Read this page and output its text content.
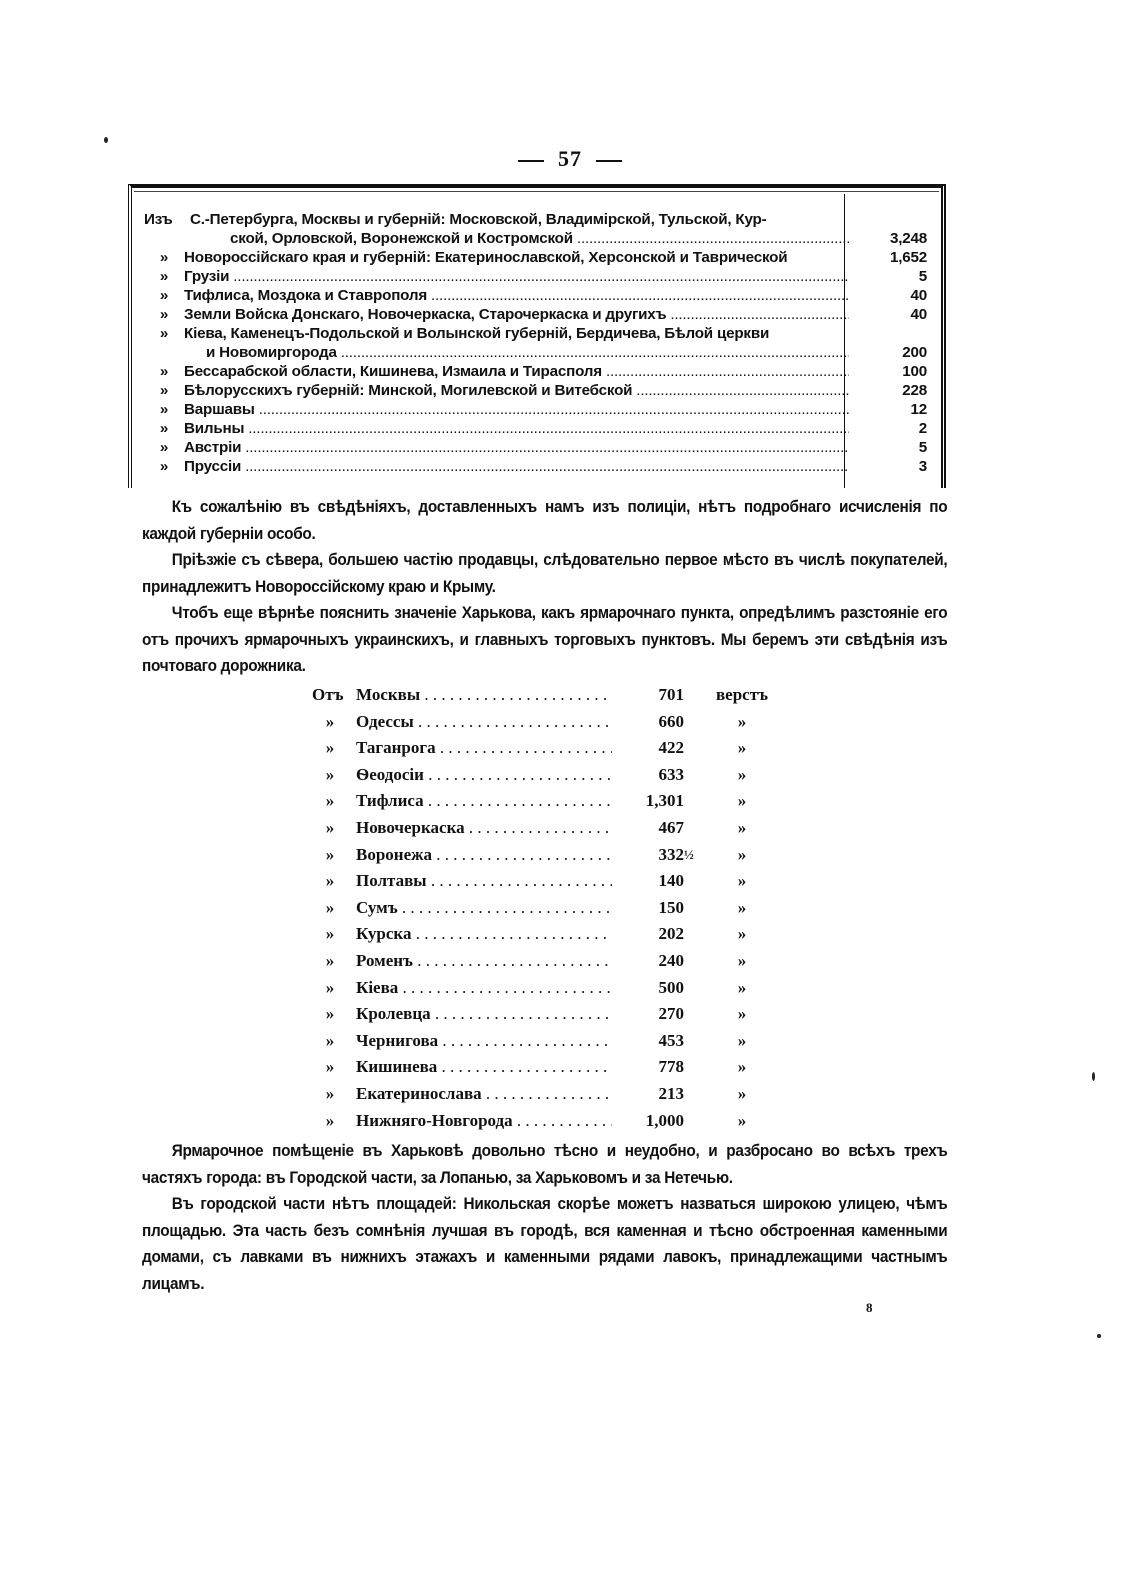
57
Изъ	С.-Петербурга, Москвы и губерній: Московской, Владимірской, Тульской, Кур-
ской, Орловской, Воронежской и Костромской .....	3,248
»	Новороссійскаго края и губерній: Екатеринославской, Херсонской и Таврической	1,652
»	Грузіи .....	5
»	Тифлиса, Моздока и Ставрополя .....	40
»	Земли Войска Донскаго, Новочеркаска, Старочеркаска и другихъ .....	40
»	Кіева, Каменецъ-Подольской и Волынской губерній, Бердичева, Бѣлой церкви
и Новомиргорода .....	200
»	Бессарабской области, Кишинева, Измаила и Тирасполя .....	100
»	Бѣлорусскихъ губерній: Минской, Могилевской и Витебской .....	228
»	Варшавы .....	12
»	Вильны .....	2
»	Австріи .....	5
»	Пруссіи .....	3

Къ сожалѣнію въ свѣдѣніяхъ, доставленныхъ намъ изъ полиціи, нѣтъ подробнаго исчисленія по каждой губерніи особо.

Пріѣзжіе съ сѣвера, большею частію продавцы, слѣдовательно первое мѣсто въ числѣ покупателей, принадлежитъ Новороссійскому краю и Крыму.

Чтобъ еще вѣрнѣе пояснить значеніе Харькова, какъ ярмарочнаго пункта, опредѣлимъ разстояніе его отъ прочихъ ярмарочныхъ украинскихъ, и главныхъ торговыхъ пунктовъ. Мы беремъ эти свѣдѣнія изъ почтоваго дорожника.

Отъ Москвы . . .	701 верстъ
»	Одессы . . .	660	»
»	Таганрога . . .	422	»
»	Ѳеодосіи . . .	633	»
»	Тифлиса . . .	1,301	»
»	Новочеркаска . . .	467	»
»	Воронежа . . .	332 ½	»
»	Полтавы . . .	140	»
»	Сумъ . . .	150	»
»	Курска . . .	202	»
»	Роменъ . . .	240	»
»	Кіева . . .	500	»
»	Кролевца . . .	270	»
»	Чернигова . . .	453	»
»	Кишинева . . .	778	»
»	Екатеринослава . . .	213	»
»	Нижняго-Новгорода . . .	1,000	»

Ярмарочное помѣщеніе въ Харьковѣ довольно тѣсно и неудобно, и разбросано во всѣхъ трехъ частяхъ города: въ Городской части, за Лопанью, за Харьковомъ и за Нетечью.

Въ городской части нѣтъ площадей: Никольская скорѣе можетъ назваться широкою улицею, чѣмъ площадью. Эта часть безъ сомнѣнія лучшая въ городѣ, вся каменная и тѣсно обстроенная каменными домами, съ лавками въ нижнихъ этажахъ и каменными рядами лавокъ, принадлежащими частнымъ лицамъ.

8
